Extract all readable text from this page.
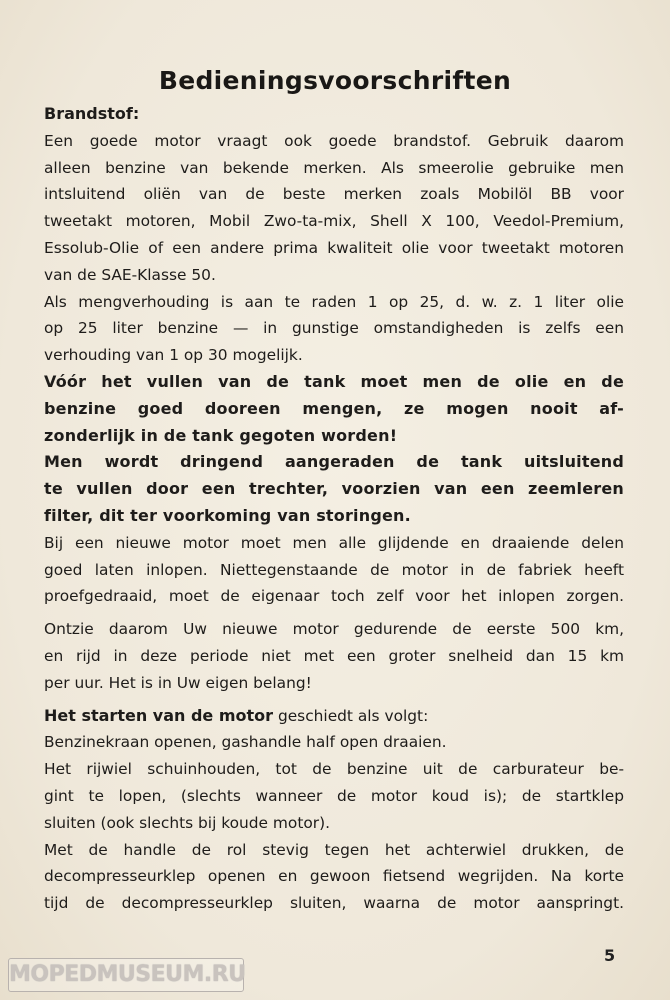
Bedieningsvoorschriften
Brandstof:
Een goede motor vraagt ook goede brandstof. Gebruik daarom
alleen benzine van bekende merken. Als smeerolie gebruike men
intsluitend oliën van de beste merken zoals Mobilöl BB voor
tweetakt motoren, Mobil Zwo-ta-mix, Shell X 100, Veedol-Premium,
Essolub-Olie of een andere prima kwaliteit olie voor tweetakt motoren
van de SAE-Klasse 50.
Als mengverhouding is aan te raden 1 op 25, d. w. z. 1 liter olie
op 25 liter benzine — in gunstige omstandigheden is zelfs een
verhouding van 1 op 30 mogelijk.
Vóór het vullen van de tank moet men de olie en de
benzine goed dooreen mengen, ze mogen nooit af-
zonderlijk in de tank gegoten worden!
Men wordt dringend aangeraden de tank uitsluitend
te vullen door een trechter, voorzien van een zeemleren
filter, dit ter voorkoming van storingen.
Bij een nieuwe motor moet men alle glijdende en draaiende delen
goed laten inlopen. Niettegenstaande de motor in de fabriek heeft
proefgedraaid, moet de eigenaar toch zelf voor het inlopen zorgen.
Ontzie daarom Uw nieuwe motor gedurende de eerste 500 km,
en rijd in deze periode niet met een groter snelheid dan 15 km
per uur. Het is in Uw eigen belang!
Het starten van de motor geschiedt als volgt:
Benzinekraan openen, gashandle half open draaien.
Het rijwiel schuinhouden, tot de benzine uit de carburateur be-
gint te lopen, (slechts wanneer de motor koud is); de startklep
sluiten (ook slechts bij koude motor).
Met de handle de rol stevig tegen het achterwiel drukken, de
decompresseurklep openen en gewoon fietsend wegrijden. Na korte
tijd de decompresseurklep sluiten, waarna de motor aanspringt.
5
MOPEDMUSEUM.RU
